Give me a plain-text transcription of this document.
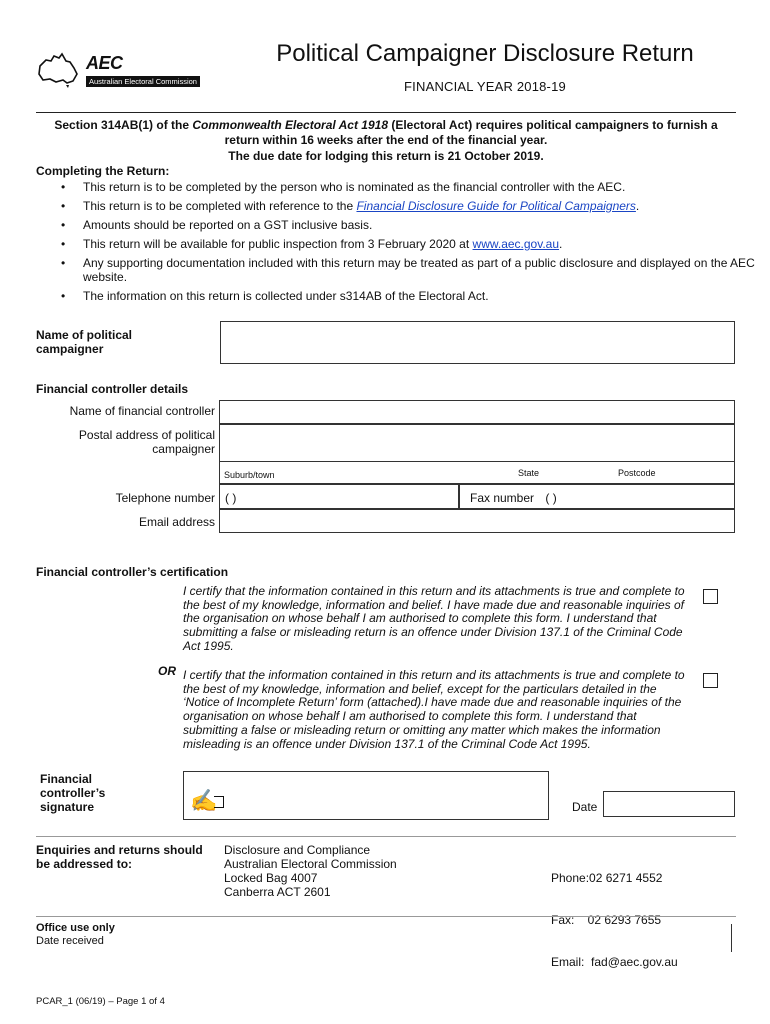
AEC
Australian Electoral Commission
Political Campaigner Disclosure Return
FINANCIAL YEAR 2018-19
Section 314AB(1) of the Commonwealth Electoral Act 1918 (Electoral Act) requires political campaigners to furnish a return within 16 weeks after the end of the financial year.
The due date for lodging this return is 21 October 2019.
Completing the Return:
• This return is to be completed by the person who is nominated as the financial controller with the AEC.
• This return is to be completed with reference to the Financial Disclosure Guide for Political Campaigners.
• Amounts should be reported on a GST inclusive basis.
• This return will be available for public inspection from 3 February 2020 at www.aec.gov.au.
• Any supporting documentation included with this return may be treated as part of a public disclosure and displayed on the AEC website.
• The information on this return is collected under s314AB of the Electoral Act.
Name of political campaigner
Financial controller details
Name of financial controller
Postal address of political campaigner
Suburb/town	State	Postcode
Telephone number ( )	Fax number ( )
Email address
Financial controller’s certification
I certify that the information contained in this return and its attachments is true and complete to the best of my knowledge, information and belief. I have made due and reasonable inquiries of the organisation on whose behalf I am authorised to complete this form. I understand that submitting a false or misleading return is an offence under Division 137.1 of the Criminal Code Act 1995.
OR I certify that the information contained in this return and its attachments is true and complete to the best of my knowledge, information and belief, except for the particulars detailed in the ‘Notice of Incomplete Return’ form (attached).I have made due and reasonable inquiries of the organisation on whose behalf I am authorised to complete this form. I understand that submitting a false or misleading return or omitting any matter which makes the information misleading is an offence under Division 137.1 of the Criminal Code Act 1995.
Financial controller’s signature	✍	Date
Enquiries and returns should be addressed to:
Disclosure and Compliance
Australian Electoral Commission
Locked Bag 4007
Canberra ACT 2601

Phone:02 6271 4552

Fax:    02 6293 7655

Email:  fad@aec.gov.au

Office use only
Date received
PCAR_1 (06/19) – Page 1 of 4
